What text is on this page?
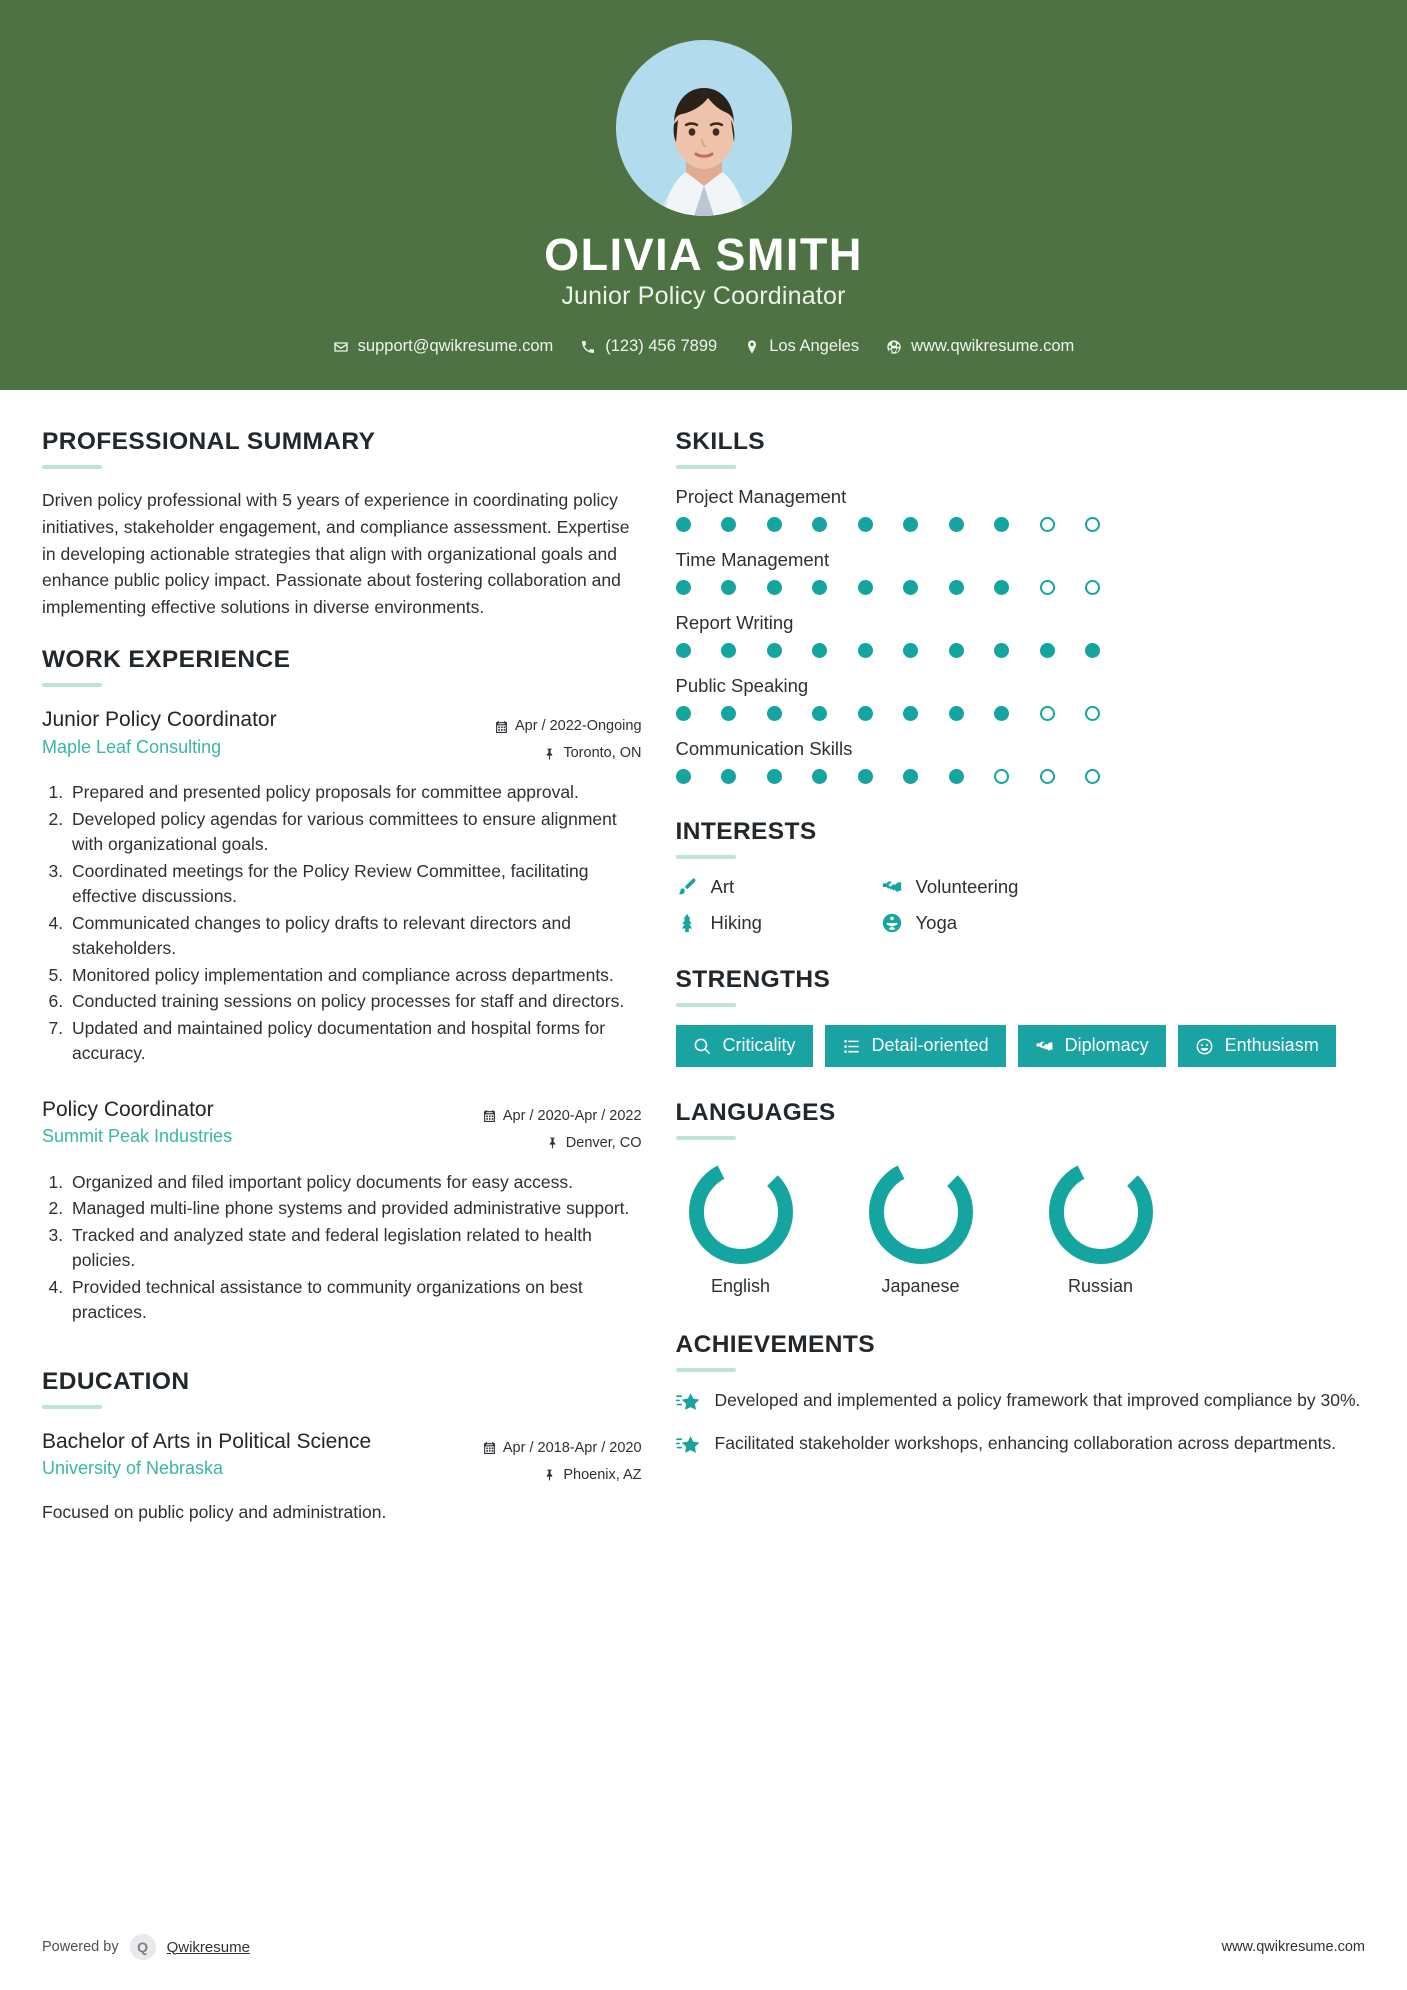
OLIVIA SMITH
Junior Policy Coordinator
support@qwikresume.com	(123) 456 7899	Los Angeles	www.qwikresume.com
PROFESSIONAL SUMMARY
Driven policy professional with 5 years of experience in coordinating policy initiatives, stakeholder engagement, and compliance assessment. Expertise in developing actionable strategies that align with organizational goals and enhance public policy impact. Passionate about fostering collaboration and implementing effective solutions in diverse environments.
WORK EXPERIENCE
Junior Policy Coordinator
Maple Leaf Consulting
Apr / 2022-Ongoing
Toronto, ON
1. Prepared and presented policy proposals for committee approval.
2. Developed policy agendas for various committees to ensure alignment with organizational goals.
3. Coordinated meetings for the Policy Review Committee, facilitating effective discussions.
4. Communicated changes to policy drafts to relevant directors and stakeholders.
5. Monitored policy implementation and compliance across departments.
6. Conducted training sessions on policy processes for staff and directors.
7. Updated and maintained policy documentation and hospital forms for accuracy.
Policy Coordinator
Summit Peak Industries
Apr / 2020-Apr / 2022
Denver, CO
1. Organized and filed important policy documents for easy access.
2. Managed multi-line phone systems and provided administrative support.
3. Tracked and analyzed state and federal legislation related to health policies.
4. Provided technical assistance to community organizations on best practices.
EDUCATION
Bachelor of Arts in Political Science
University of Nebraska
Apr / 2018-Apr / 2020
Phoenix, AZ
Focused on public policy and administration.
SKILLS
Project Management
Time Management
Report Writing
Public Speaking
Communication Skills
INTERESTS
Art	Volunteering
Hiking	Yoga
STRENGTHS
Criticality	Detail-oriented	Diplomacy	Enthusiasm
LANGUAGES
English	Japanese	Russian
ACHIEVEMENTS
Developed and implemented a policy framework that improved compliance by 30%.
Facilitated stakeholder workshops, enhancing collaboration across departments.
Powered by	Q	Qwikresume	www.qwikresume.com
